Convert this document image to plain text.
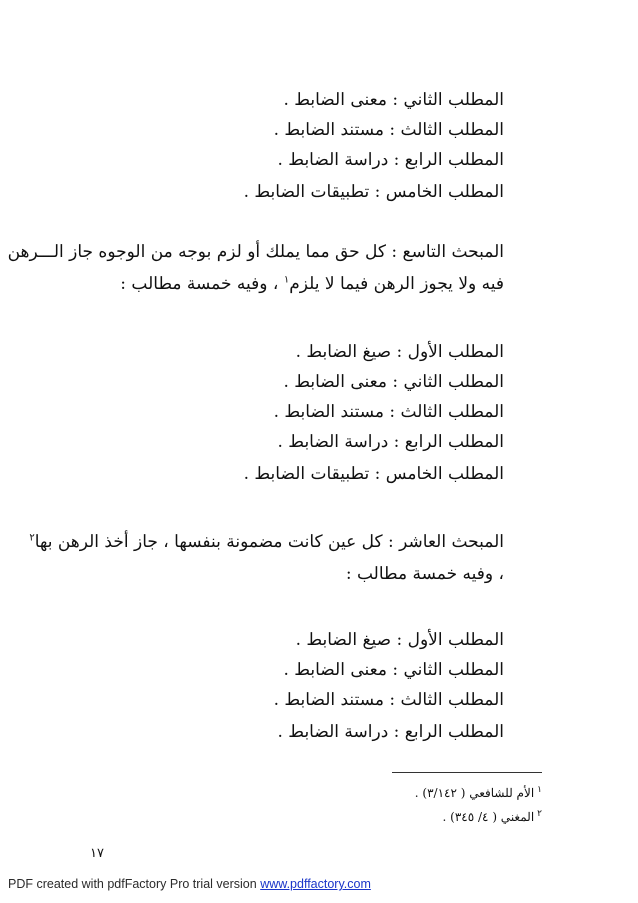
المطلب الثاني : معنى الضابط .
المطلب الثالث : مستند الضابط .
المطلب الرابع : دراسة الضابط .
المطلب الخامس : تطبيقات الضابط .
المبحث التاسع : كل حق مما يملك أو لزم بوجه من الوجوه جاز الـــرهن
فيه ولا يجوز الرهن فيما لا يلزم$^١$ ، وفيه خمسة مطالب :
المطلب الأول : صيغ الضابط .
المطلب الثاني : معنى الضابط .
المطلب الثالث : مستند الضابط .
المطلب الرابع : دراسة الضابط .
المطلب الخامس : تطبيقات الضابط .
المبحث العاشر : كل عين كانت مضمونة بنفسها ، جاز أخذ الرهن بها$^٢$
، وفيه خمسة مطالب :
المطلب الأول : صيغ الضابط .
المطلب الثاني : معنى الضابط .
المطلب الثالث : مستند الضابط .
المطلب الرابع : دراسة الضابط .
$^١$الأم للشافعي ( ٣/١٤٢) .
$^٢$المغني ( ٤/ ٣٤٥) .
١٧
PDF created with pdfFactory Pro trial version www.pdffactory.com
